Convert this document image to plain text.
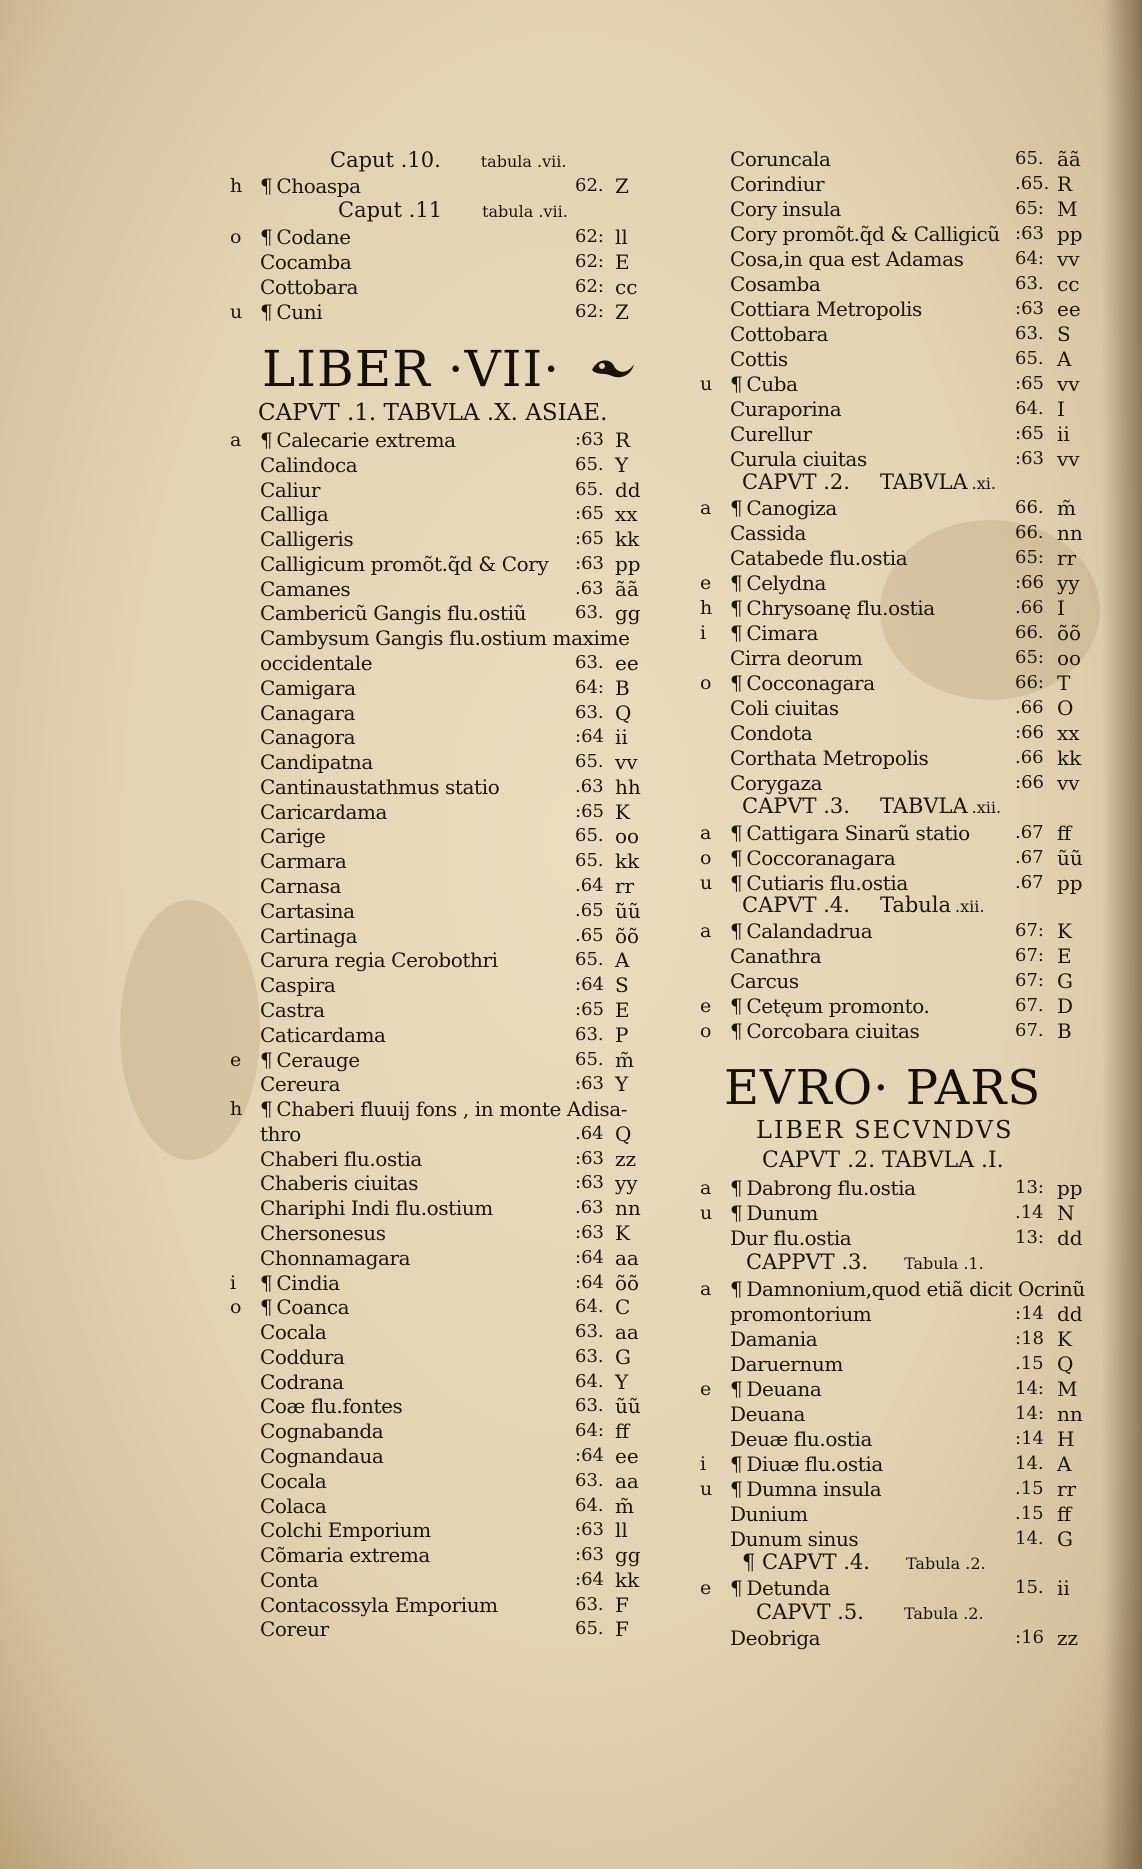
Caput .10.	tabula .vii.
h ¶ Choaspa	62. Z
Caput .11	tabula .vii.
o ¶ Codane	62: ll
Cocamba	62: E
Cottobara	62: cc
u ¶ Cuni	62: Z
LIBER ·VII·
CAPVT .1. TABVLA .X. ASIAE.
a ¶ Calecarie extrema	:63 R
Calindoca	65. Y
Caliur	65. dd
Calliga	:65 xx
Calligeris	:65 kk
Calligicum promõt.q̃d & Cory :63 pp
Camanes	.63 ãã
Cambericũ Gangis flu.ostiũ	63. gg
Cambysum Gangis flu.ostium maxime
occidentale	63. ee
Camigara	64: B
Canagara	63. Q
Canagora	:64 ii
Candipatna	65. vv
Cantinaustathmus statio	.63 hh
Caricardama	:65 K
Carige	65. oo
Carmara	65. kk
Carnasa	.64 rr
Cartasina	.65 ũũ
Cartinaga	.65 õõ
Carura regia Cerobothri	65. A
Caspira	:64 S
Castra	:65 E
Caticardama	63. P
e ¶ Cerauge	65. m̃
Cereura	:63 Y
h ¶ Chaberi fluuij fons , in monte Adisa-
thro	.64 Q
Chaberi flu.ostia	:63 zz
Chaberis ciuitas	:63 yy
Chariphi Indi flu.ostium	.63 nn
Chersonesus	:63 K
Chonnamagara	:64 aa
i	¶ Cindia	:64 õõ
o ¶ Coanca	64. C
Cocala	63. aa
Coddura	63. G
Codrana	64. Y
Coæ flu.fontes	63. ũũ
Cognabanda	64: ff
Cognandaua	:64 ee
Cocala	63. aa
Colaca	64. m̃
Colchi Emporium	:63 ll
Cõmaria extrema	:63 gg
Conta	:64 kk
Contacossyla Emporium	63. F
Coreur	65. F
Coruncala	65. ãã
Corindiur	.65. R
Cory insula	65: M
Cory promõt.q̃d & Calligicũ :63 pp
Cosa,in qua est Adamas	64: vv
Cosamba	63. cc
Cottiara Metropolis	:63 ee
Cottobara	63. S
Cottis	65. A
u ¶ Cuba	:65 vv
Curaporina	64. I
Curellur	:65 ii
Curula ciuitas	:63 vv
CAPVT .2. TABVLA .xi.
a ¶ Canogiza	66. m̃
Cassida	66. nn
Catabede flu.ostia	65: rr
e ¶ Celydna	:66 yy
h ¶ Chrysoanę flu.ostia	.66 I
i	¶ Cimara	66. õõ
Cirra deorum	65: oo
o ¶ Cocconagara	66: T
Coli ciuitas	.66 O
Condota	:66 xx
Corthata Metropolis	.66 kk
Corygaza	:66 vv
CAPVT .3. TABVLA .xii.
a ¶ Cattigara Sinarũ statio	.67 ff
o ¶ Coccoranagara	.67 ũũ
u ¶ Cutiaris flu.ostia	.67 pp
CAPVT .4. Tabula .xii.
a ¶ Calandadrua	67: K
Canathra	67: E
Carcus	67: G
e ¶ Cetęum promonto.	67. D
o ¶ Corcobara ciuitas	67. B
EVRO· PARS
LIBER SECVNDVS
CAPVT .2. TABVLA .I.
a ¶ Dabrong flu.ostia	13: pp
u ¶ Dunum	.14 N
Dur flu.ostia	13: dd
CAPPVT .3. Tabula .1.
a ¶ Damnonium,quod etiã dicit Ocrinũ
promontorium	:14 dd
Damania	:18 K
Daruernum	.15 Q
e ¶ Deuana	14: M
Deuana	14: nn
Deuæ flu.ostia	:14 H
i	¶ Diuæ flu.ostia	14. A
u ¶ Dumna insula	.15 rr
Dunium	.15 ff
Dunum sinus	14. G
¶ CAPVT .4. Tabula .2.
e ¶ Detunda	15. ii
CAPVT .5.	Tabula .2.
Deobriga	:16 zz
